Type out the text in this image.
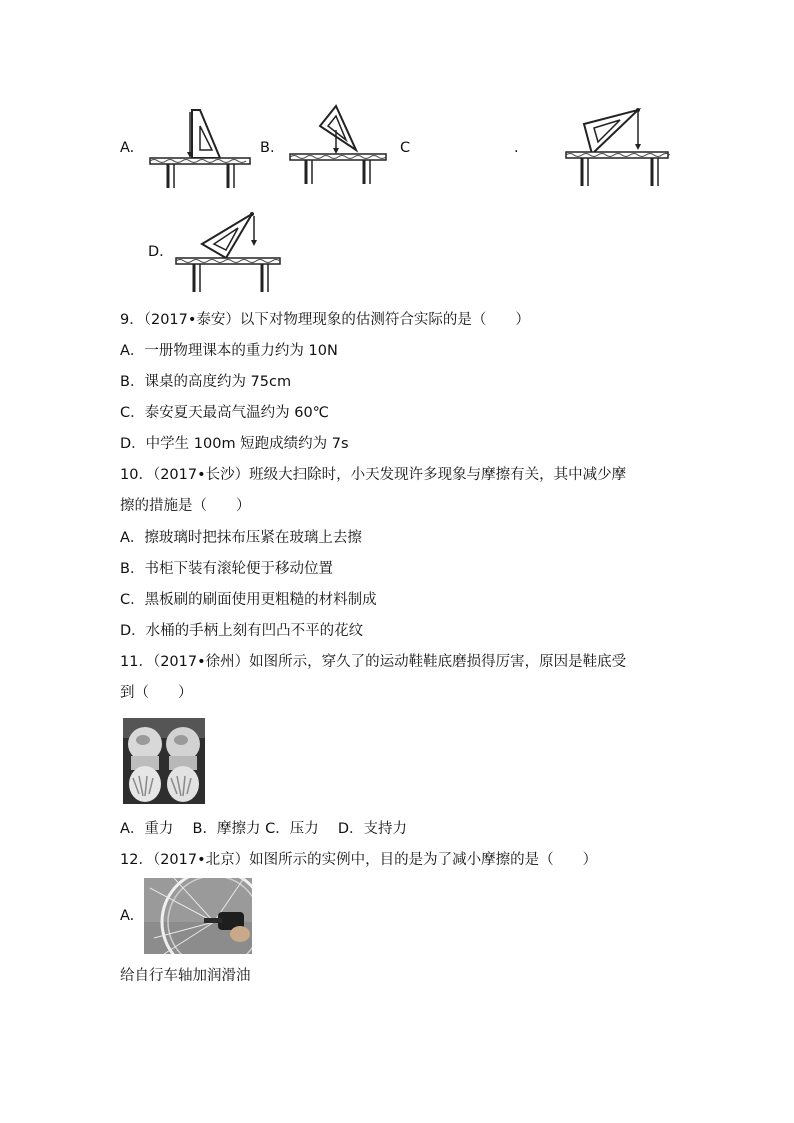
A.	B.	C	.
D.
9．（2017•泰安）以下对物理现象的估测符合实际的是（　　）
A．一册物理课本的重力约为 10N
B．课桌的高度约为 75cm
C．泰安夏天最高气温约为 60℃
D．中学生 100m 短跑成绩约为 7s
10．（2017•长沙）班级大扫除时，小天发现许多现象与摩擦有关，其中减少摩
擦的措施是（　　）
A．擦玻璃时把抹布压紧在玻璃上去擦
B．书柜下装有滚轮便于移动位置
C．黑板刷的刷面使用更粗糙的材料制成
D．水桶的手柄上刻有凹凸不平的花纹
11．（2017•徐州）如图所示，穿久了的运动鞋鞋底磨损得厉害，原因是鞋底受
到（　　）
A．重力　 B．摩擦力 C．压力　 D．支持力
12．（2017•北京）如图所示的实例中，目的是为了减小摩擦的是（　　）
A.
给自行车轴加润滑油
